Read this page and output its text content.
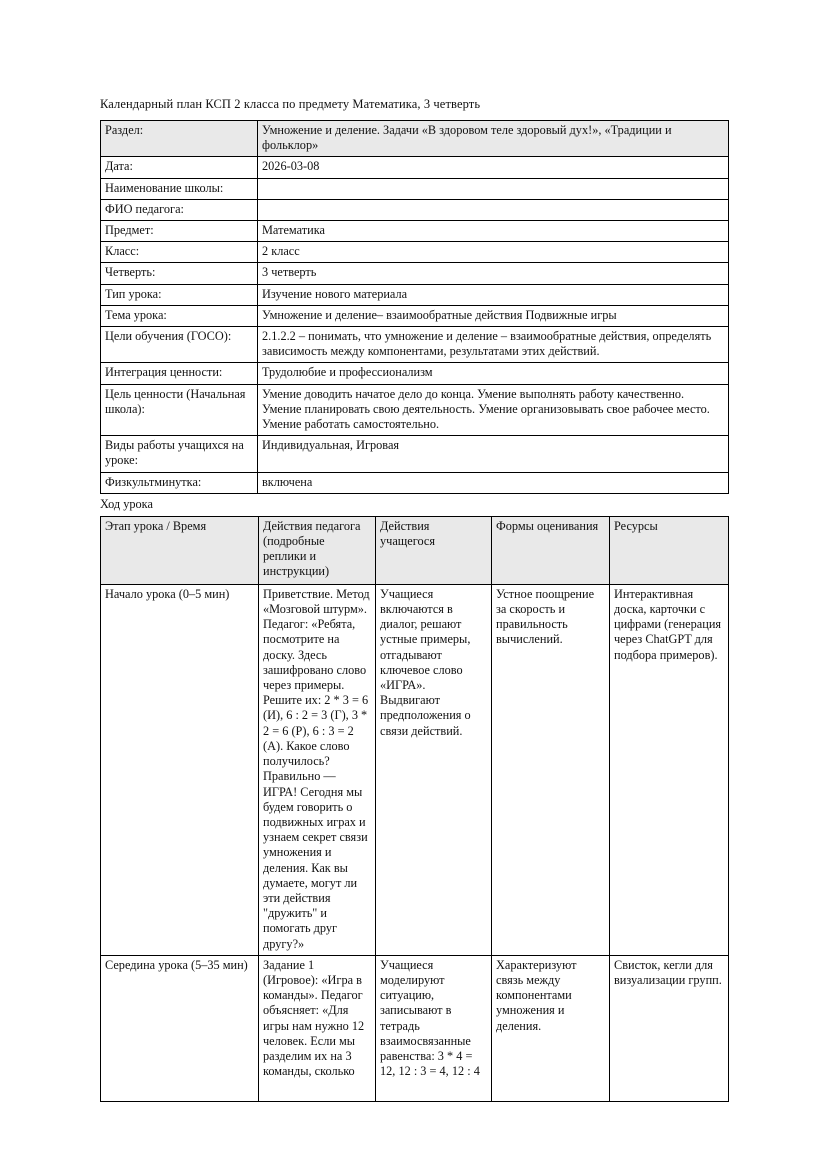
Календарный план КСП 2 класса по предмету Математика, 3 четверть
Раздел:	Умножение и деление. Задачи «В здоровом теле здоровый дух!», «Традиции и фольклор»
Дата:	2026-03-08
Наименование школы:	
ФИО педагога:	
Предмет:	Математика
Класс:	2 класс
Четверть:	3 четверть
Тип урока:	Изучение нового материала
Тема урока:	Умножение и деление– взаимообратные действия Подвижные игры
Цели обучения (ГОСО):	2.1.2.2 – понимать, что умножение и деление – взаимообратные действия, определять зависимость между компонентами, результатами этих действий.
Интеграция ценности:	Трудолюбие и профессионализм
Цель ценности (Начальная школа):	Умение доводить начатое дело до конца. Умение выполнять работу качественно. Умение планировать свою деятельность. Умение организовывать свое рабочее место. Умение работать самостоятельно.
Виды работы учащихся на уроке:	Индивидуальная, Игровая
Физкультминутка:	включена
Ход урока
Этап урока / Время	Действия педагога (подробные реплики и инструкции)	Действия учащегося	Формы оценивания	Ресурсы
Начало урока (0–5 мин)	Приветствие. Метод «Мозговой штурм». Педагог: «Ребята, посмотрите на доску. Здесь зашифровано слово через примеры. Решите их: 2 * 3 = 6 (И), 6 : 2 = 3 (Г), 3 * 2 = 6 (Р), 6 : 3 = 2 (А). Какое слово получилось? Правильно — ИГРА! Сегодня мы будем говорить о подвижных играх и узнаем секрет связи умножения и деления. Как вы думаете, могут ли эти действия "дружить" и помогать друг другу?»	Учащиеся включаются в диалог, решают устные примеры, отгадывают ключевое слово «ИГРА». Выдвигают предположения о связи действий.	Устное поощрение за скорость и правильность вычислений.	Интерактивная доска, карточки с цифрами (генерация через ChatGPT для подбора примеров).
Середина урока (5–35 мин)	Задание 1 (Игровое): «Игра в команды». Педагог объясняет: «Для игры нам нужно 12 человек. Если мы разделим их на 3 команды, сколько	Учащиеся моделируют ситуацию, записывают в тетрадь взаимосвязанные равенства: 3 * 4 = 12, 12 : 3 = 4, 12 : 4	Характеризуют связь между компонентами умножения и деления.	Свисток, кегли для визуализации групп.
